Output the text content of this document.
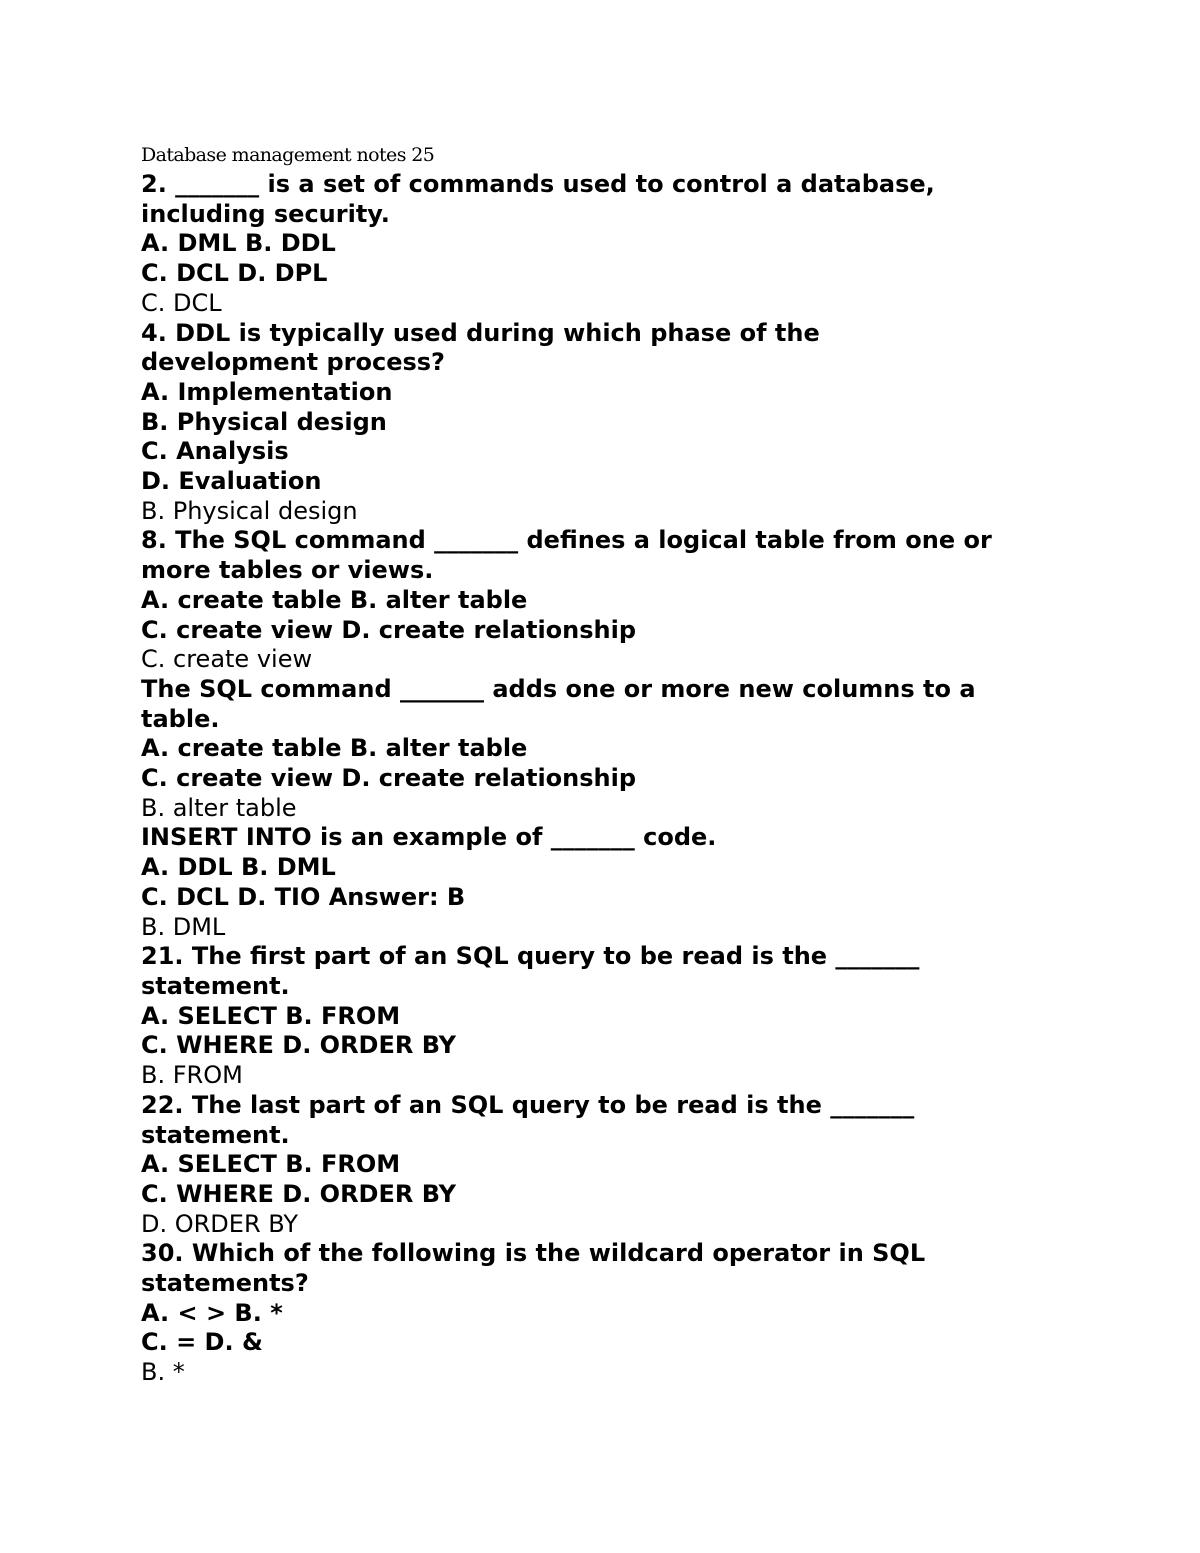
Database management notes 25
2. _______ is a set of commands used to control a database,
including security.
A. DML B. DDL
C. DCL D. DPL
C. DCL
4. DDL is typically used during which phase of the
development process?
A. Implementation
B. Physical design
C. Analysis
D. Evaluation
B. Physical design
8. The SQL command _______ defines a logical table from one or
more tables or views.
A. create table B. alter table
C. create view D. create relationship
C. create view
The SQL command _______ adds one or more new columns to a
table.
A. create table B. alter table
C. create view D. create relationship
B. alter table
INSERT INTO is an example of _______ code.
A. DDL B. DML
C. DCL D. TIO Answer: B
B. DML
21. The first part of an SQL query to be read is the _______
statement.
A. SELECT B. FROM
C. WHERE D. ORDER BY
B. FROM
22. The last part of an SQL query to be read is the _______
statement.
A. SELECT B. FROM
C. WHERE D. ORDER BY
D. ORDER BY
30. Which of the following is the wildcard operator in SQL
statements?
A. < > B. *
C. = D. &
B. *
